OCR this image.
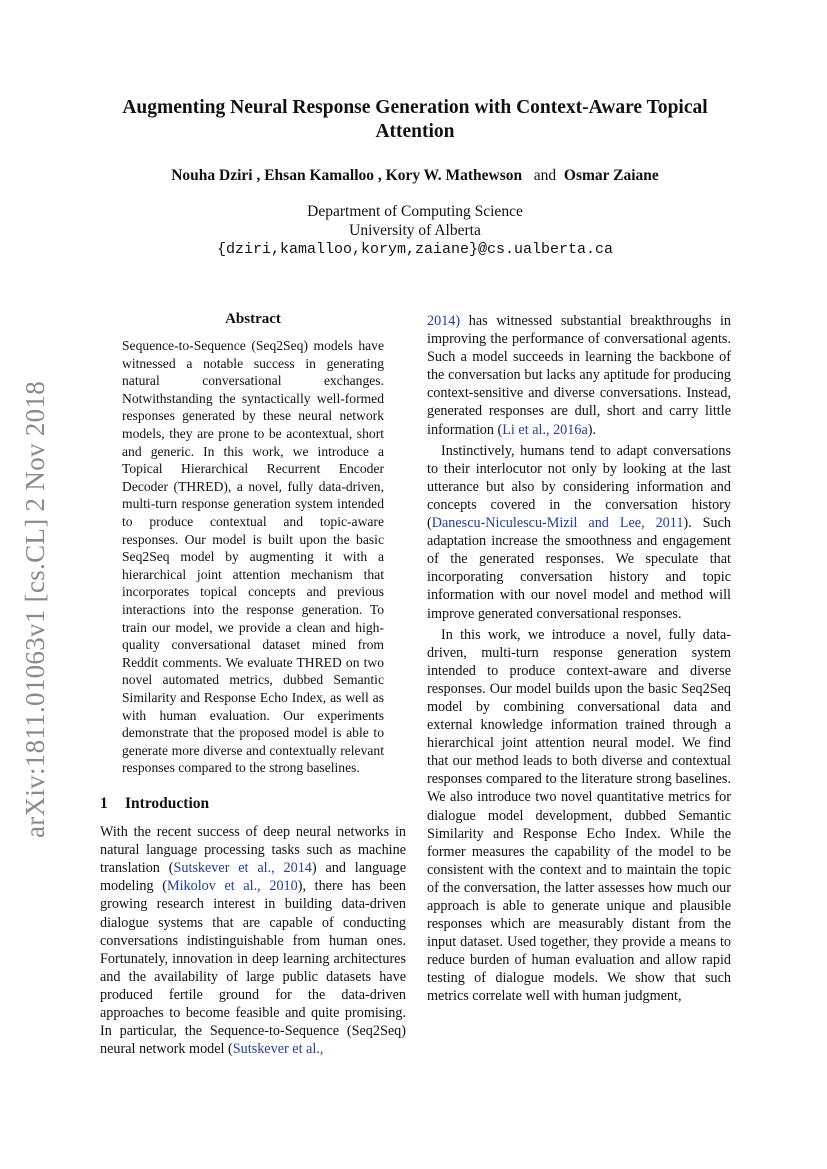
arXiv:1811.01063v1 [cs.CL] 2 Nov 2018
Augmenting Neural Response Generation with Context-Aware Topical
Attention
Nouha Dziri , Ehsan Kamalloo , Kory W. Mathewson and Osmar Zaiane
Department of Computing Science
University of Alberta
{dziri,kamalloo,korym,zaiane}@cs.ualberta.ca
Abstract
Sequence-to-Sequence (Seq2Seq) models have witnessed a notable success in generating natural conversational exchanges. Notwithstanding the syntactically well-formed responses generated by these neural network models, they are prone to be acontextual, short and generic. In this work, we introduce a Topical Hierarchical Recurrent Encoder Decoder (THRED), a novel, fully data-driven, multi-turn response generation system intended to produce contextual and topic-aware responses. Our model is built upon the basic Seq2Seq model by augmenting it with a hierarchical joint attention mechanism that incorporates topical concepts and previous interactions into the response generation. To train our model, we provide a clean and high-quality conversational dataset mined from Reddit comments. We evaluate THRED on two novel automated metrics, dubbed Semantic Similarity and Response Echo Index, as well as with human evaluation. Our experiments demonstrate that the proposed model is able to generate more diverse and contextually relevant responses compared to the strong baselines.
1 Introduction

With the recent success of deep neural networks in natural language processing tasks such as machine translation (Sutskever et al., 2014) and language modeling (Mikolov et al., 2010), there has been growing research interest in building data-driven dialogue systems that are capable of conducting conversations indistinguishable from human ones. Fortunately, innovation in deep learning architectures and the availability of large public datasets have produced fertile ground for the data-driven approaches to become feasible and quite promising. In particular, the Sequence-to-Sequence (Seq2Seq) neural network model (Sutskever et al.,

2014) has witnessed substantial breakthroughs in improving the performance of conversational agents. Such a model succeeds in learning the backbone of the conversation but lacks any aptitude for producing context-sensitive and diverse conversations. Instead, generated responses are dull, short and carry little information (Li et al., 2016a).

Instinctively, humans tend to adapt conversations to their interlocutor not only by looking at the last utterance but also by considering information and concepts covered in the conversation history (Danescu-Niculescu-Mizil and Lee, 2011). Such adaptation increase the smoothness and engagement of the generated responses. We speculate that incorporating conversation history and topic information with our novel model and method will improve generated conversational responses.

In this work, we introduce a novel, fully data-driven, multi-turn response generation system intended to produce context-aware and diverse responses. Our model builds upon the basic Seq2Seq model by combining conversational data and external knowledge information trained through a hierarchical joint attention neural model. We find that our method leads to both diverse and contextual responses compared to the literature strong baselines. We also introduce two novel quantitative metrics for dialogue model development, dubbed Semantic Similarity and Response Echo Index. While the former measures the capability of the model to be consistent with the context and to maintain the topic of the conversation, the latter assesses how much our approach is able to generate unique and plausible responses which are measurably distant from the input dataset. Used together, they provide a means to reduce burden of human evaluation and allow rapid testing of dialogue models. We show that such metrics correlate well with human judgment,
